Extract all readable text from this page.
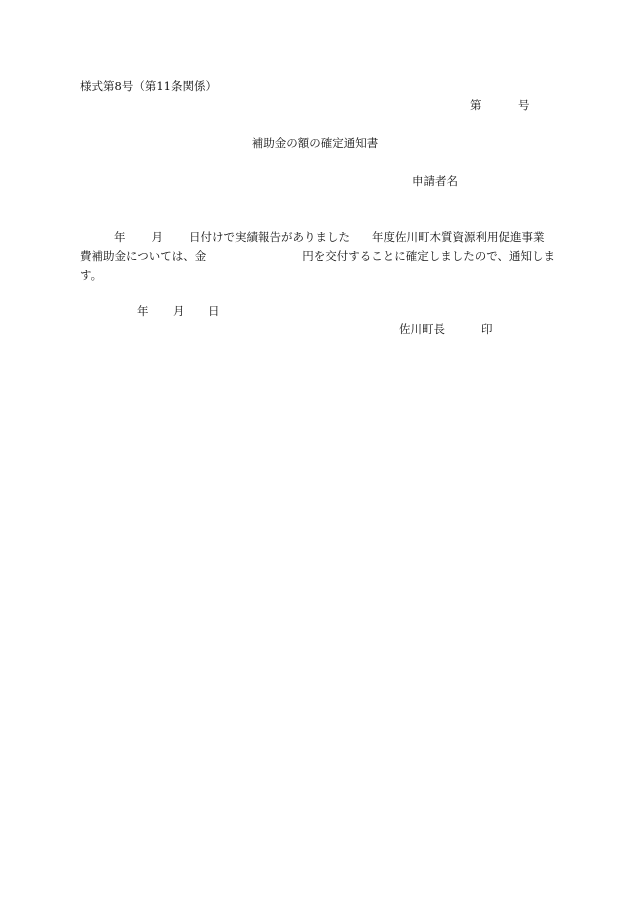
様式第8号（第11条関係）
第	号
補助金の額の確定通知書
申請者名
年 月 日付けで実績報告がありました 年度佐川町木質資源利用促進事業
費補助金については、金	円を交付することに確定しましたので、通知しま
す。
年 月 日
佐川町長	印
